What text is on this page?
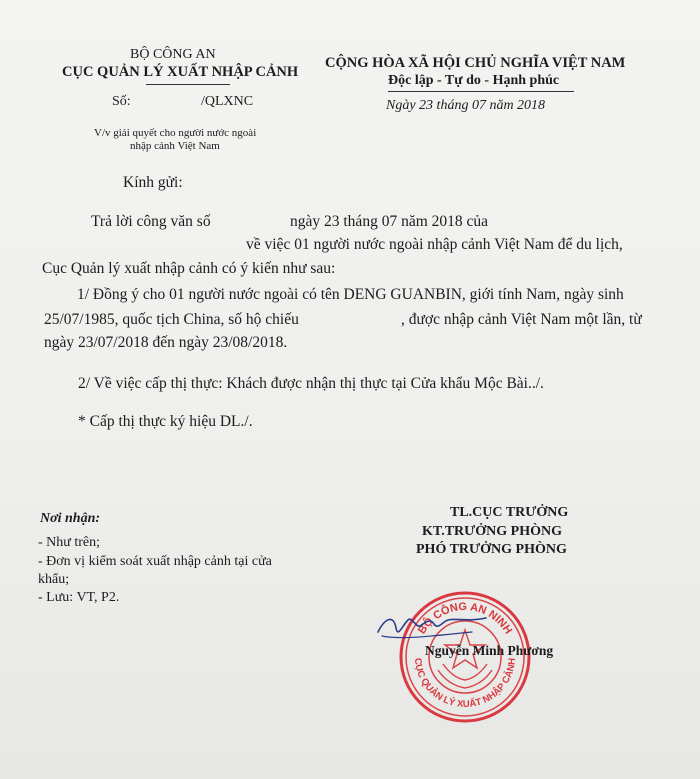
BỘ CÔNG AN
CỤC QUẢN LÝ XUẤT NHẬP CẢNH
Số:	/QLXNC
V/v giải quyết cho người nước ngoài
nhập cảnh Việt Nam
CỘNG HÒA XÃ HỘI CHỦ NGHĨA VIỆT NAM
Độc lập - Tự do - Hạnh phúc
Ngày 23 tháng 07 năm 2018
Kính gửi:
Trả lời công văn số	ngày 23 tháng 07 năm 2018 của
về việc 01 người nước ngoài nhập cảnh Việt Nam để du lịch,
Cục Quản lý xuất nhập cảnh có ý kiến như sau:
1/ Đồng ý cho 01 người nước ngoài có tên DENG GUANBIN, giới tính Nam, ngày sinh
25/07/1985, quốc tịch China, số hộ chiếu	, được nhập cảnh Việt Nam một lần, từ
ngày 23/07/2018 đến ngày 23/08/2018.
2/ Về việc cấp thị thực: Khách được nhận thị thực tại Cửa khẩu Mộc Bài../.
* Cấp thị thực ký hiệu DL./.
Nơi nhận:
- Như trên;
- Đơn vị kiểm soát xuất nhập cảnh tại cửa
khẩu;
- Lưu: VT, P2.
TL.CỤC TRƯỞNG
KT.TRƯỞNG PHÒNG
PHÓ TRƯỞNG PHÒNG
BỘ CÔNG AN NINH
CỤC QUẢN LÝ XUẤT NHẬP CẢNH
Nguyễn Minh Phương
